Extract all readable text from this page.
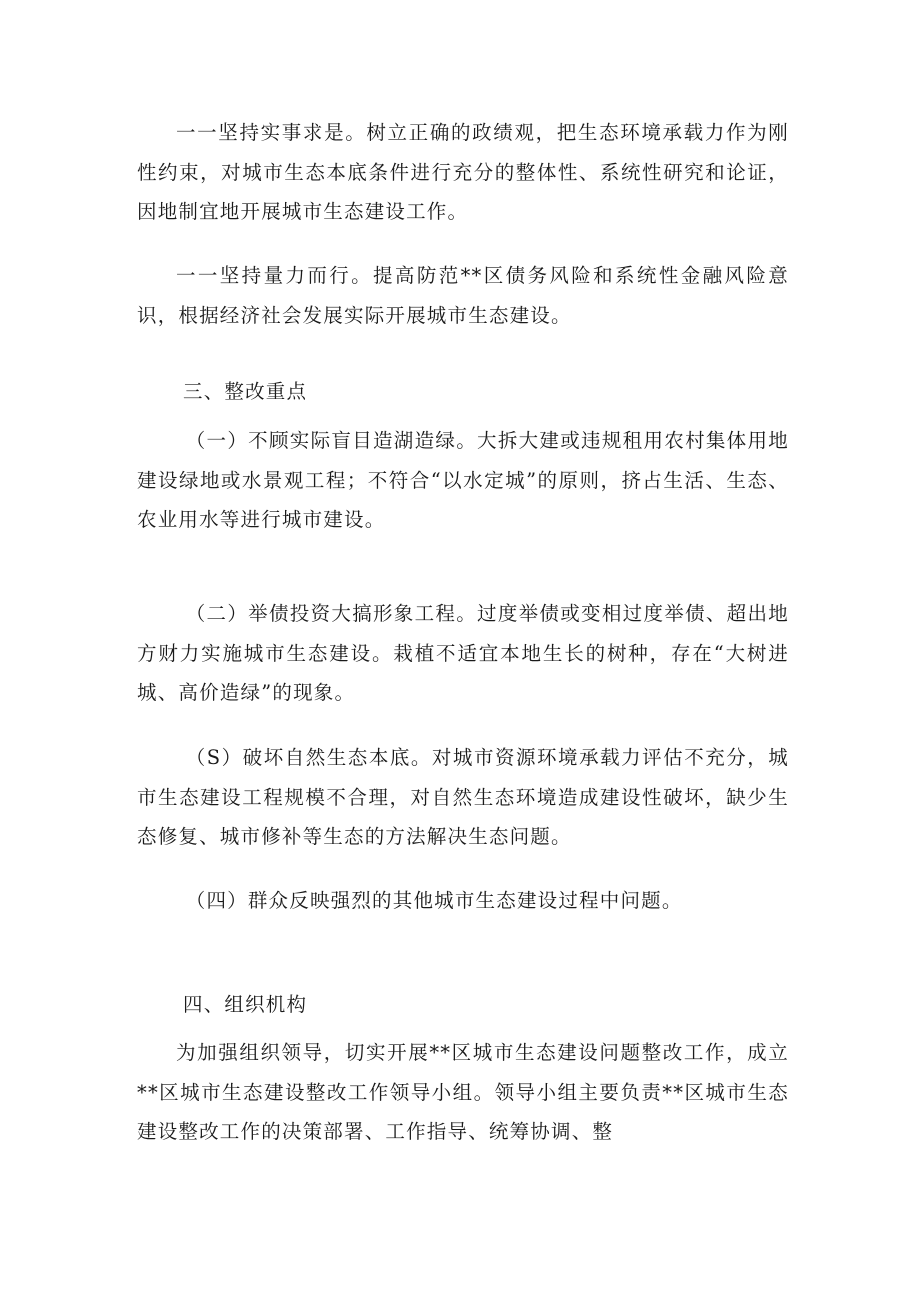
一一坚持实事求是。树立正确的政绩观，把生态环境承载力作为刚性约束，对城市生态本底条件进行充分的整体性、系统性研究和论证，因地制宜地开展城市生态建设工作。

一一坚持量力而行。提高防范**区债务风险和系统性金融风险意识，根据经济社会发展实际开展城市生态建设。

三、整改重点

（一）不顾实际盲目造湖造绿。大拆大建或违规租用农村集体用地建设绿地或水景观工程；不符合“以水定城”的原则，挤占生活、生态、农业用水等进行城市建设。

（二）举债投资大搞形象工程。过度举债或变相过度举债、超出地方财力实施城市生态建设。栽植不适宜本地生长的树种，存在“大树进城、高价造绿”的现象。

（S）破坏自然生态本底。对城市资源环境承载力评估不充分，城市生态建设工程规模不合理，对自然生态环境造成建设性破坏，缺少生态修复、城市修补等生态的方法解决生态问题。

（四）群众反映强烈的其他城市生态建设过程中问题。

四、组织机构

为加强组织领导，切实开展**区城市生态建设问题整改工作，成立**区城市生态建设整改工作领导小组。领导小组主要负责**区城市生态建设整改工作的决策部署、工作指导、统筹协调、整
